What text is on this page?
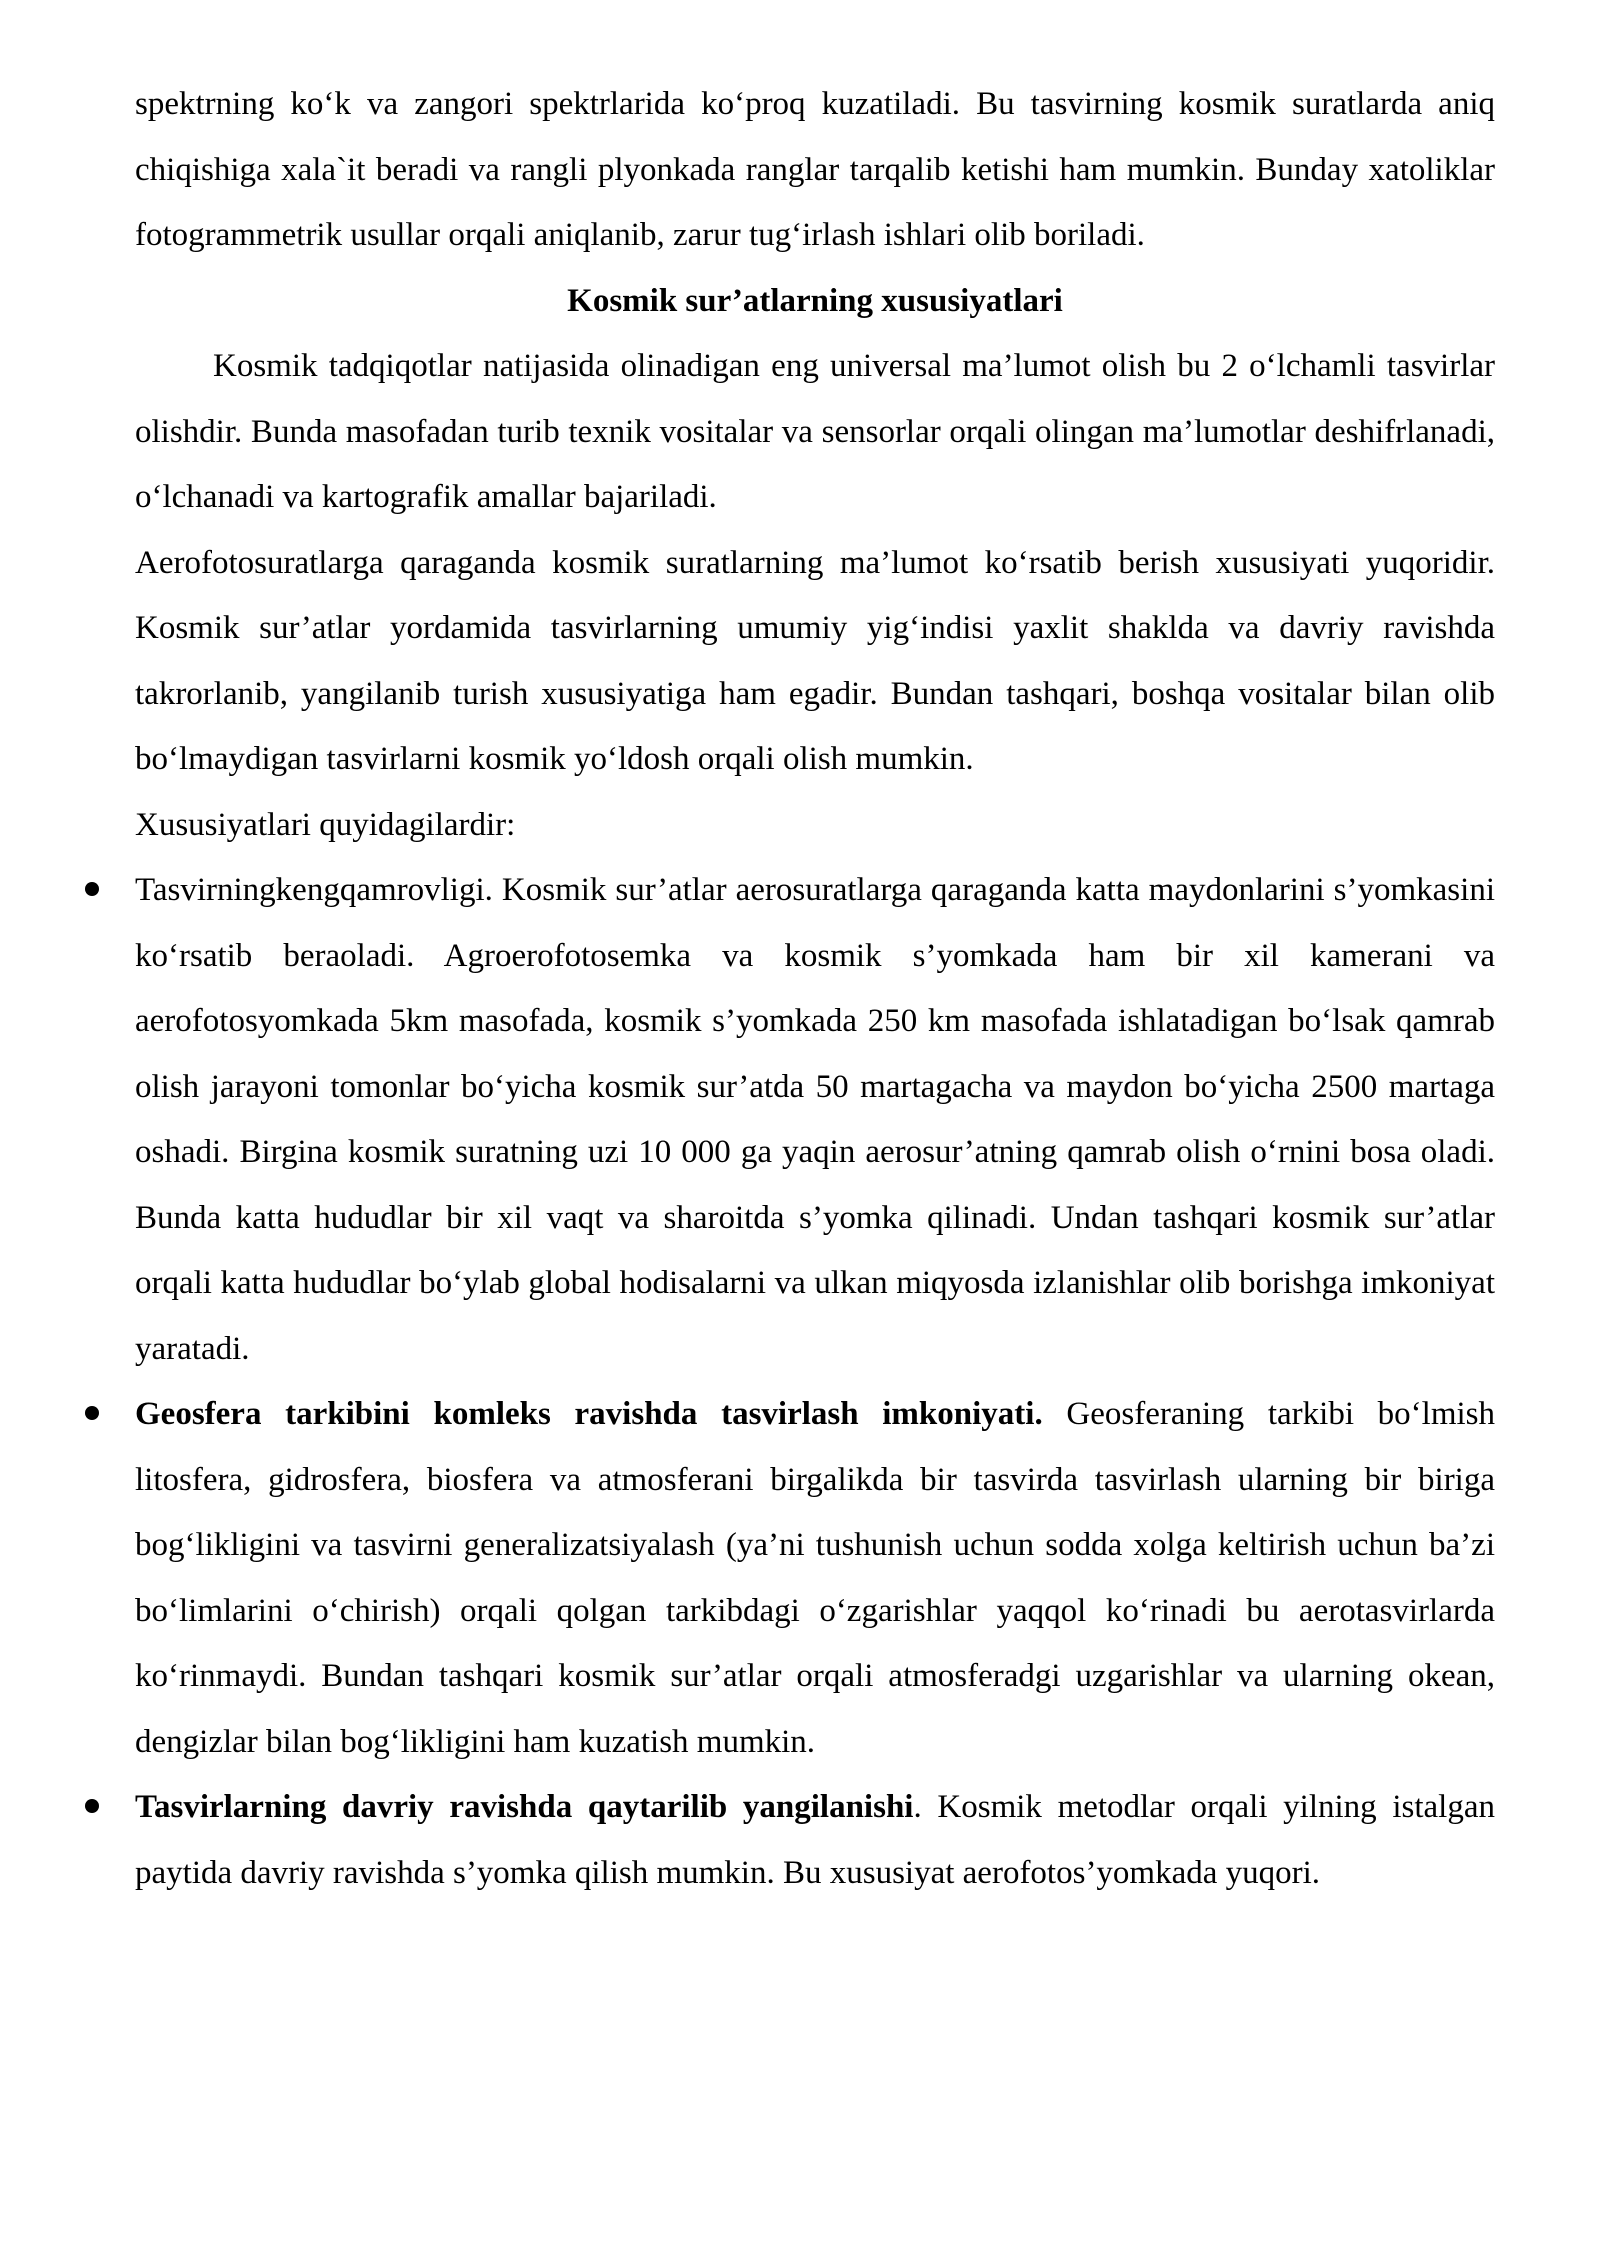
spektrning ko‘k va zangori spektrlarida ko‘proq kuzatiladi. Bu tasvirning kosmik suratlarda aniq chiqishiga xala`it beradi va rangli plyonkada ranglar tarqalib ketishi ham mumkin. Bunday xatoliklar fotogrammetrik usullar orqali aniqlanib, zarur tug‘irlash ishlari olib boriladi.

Kosmik sur’atlarning xususiyatlari

Kosmik tadqiqotlar natijasida olinadigan eng universal ma’lumot olish bu 2 o‘lchamli tasvirlar olishdir. Bunda masofadan turib texnik vositalar va sensorlar orqali olingan ma’lumotlar deshifrlanadi, o‘lchanadi va kartografik amallar bajariladi.

Aerofotosuratlarga qaraganda kosmik suratlarning ma’lumot ko‘rsatib berish xususiyati yuqoridir. Kosmik sur’atlar yordamida tasvirlarning umumiy yig‘indisi yaxlit shaklda va davriy ravishda takrorlanib, yangilanib turish xususiyatiga ham egadir. Bundan tashqari, boshqa vositalar bilan olib bo‘lmaydigan tasvirlarni kosmik yo‘ldosh orqali olish mumkin.

Xususiyatlari quyidagilardir:

Tasvirningkengqamrovligi. Kosmik sur’atlar aerosuratlarga qaraganda katta maydonlarini s’yomkasini ko‘rsatib beraoladi. Agroerofotosemka va kosmik s’yomkada ham bir xil kamerani va aerofotosyomkada 5km masofada, kosmik s’yomkada 250 km masofada ishlatadigan bo‘lsak qamrab olish jarayoni tomonlar bo‘yicha kosmik sur’atda 50 martagacha va maydon bo‘yicha 2500 martaga oshadi. Birgina kosmik suratning uzi 10 000 ga yaqin aerosur’atning qamrab olish o‘rnini bosa oladi. Bunda katta hududlar bir xil vaqt va sharoitda s’yomka qilinadi. Undan tashqari kosmik sur’atlar orqali katta hududlar bo‘ylab global hodisalarni va ulkan miqyosda izlanishlar olib borishga imkoniyat yaratadi.
Geosfera tarkibini komleks ravishda tasvirlash imkoniyati. Geosferaning tarkibi bo‘lmish litosfera, gidrosfera, biosfera va atmosferani birgalikda bir tasvirda tasvirlash ularning bir biriga bog‘likligini va tasvirni generalizatsiyalash (ya’ni tushunish uchun sodda xolga keltirish uchun ba’zi bo‘limlarini o‘chirish) orqali qolgan tarkibdagi o‘zgarishlar yaqqol ko‘rinadi bu aerotasvirlarda ko‘rinmaydi. Bundan tashqari kosmik sur’atlar orqali atmosferadgi uzgarishlar va ularning okean, dengizlar bilan bog‘likligini ham kuzatish mumkin.
Tasvirlarning davriy ravishda qaytarilib yangilanishi. Kosmik metodlar orqali yilning istalgan paytida davriy ravishda s’yomka qilish mumkin. Bu xususiyat aerofotos’yomkada yuqori.
